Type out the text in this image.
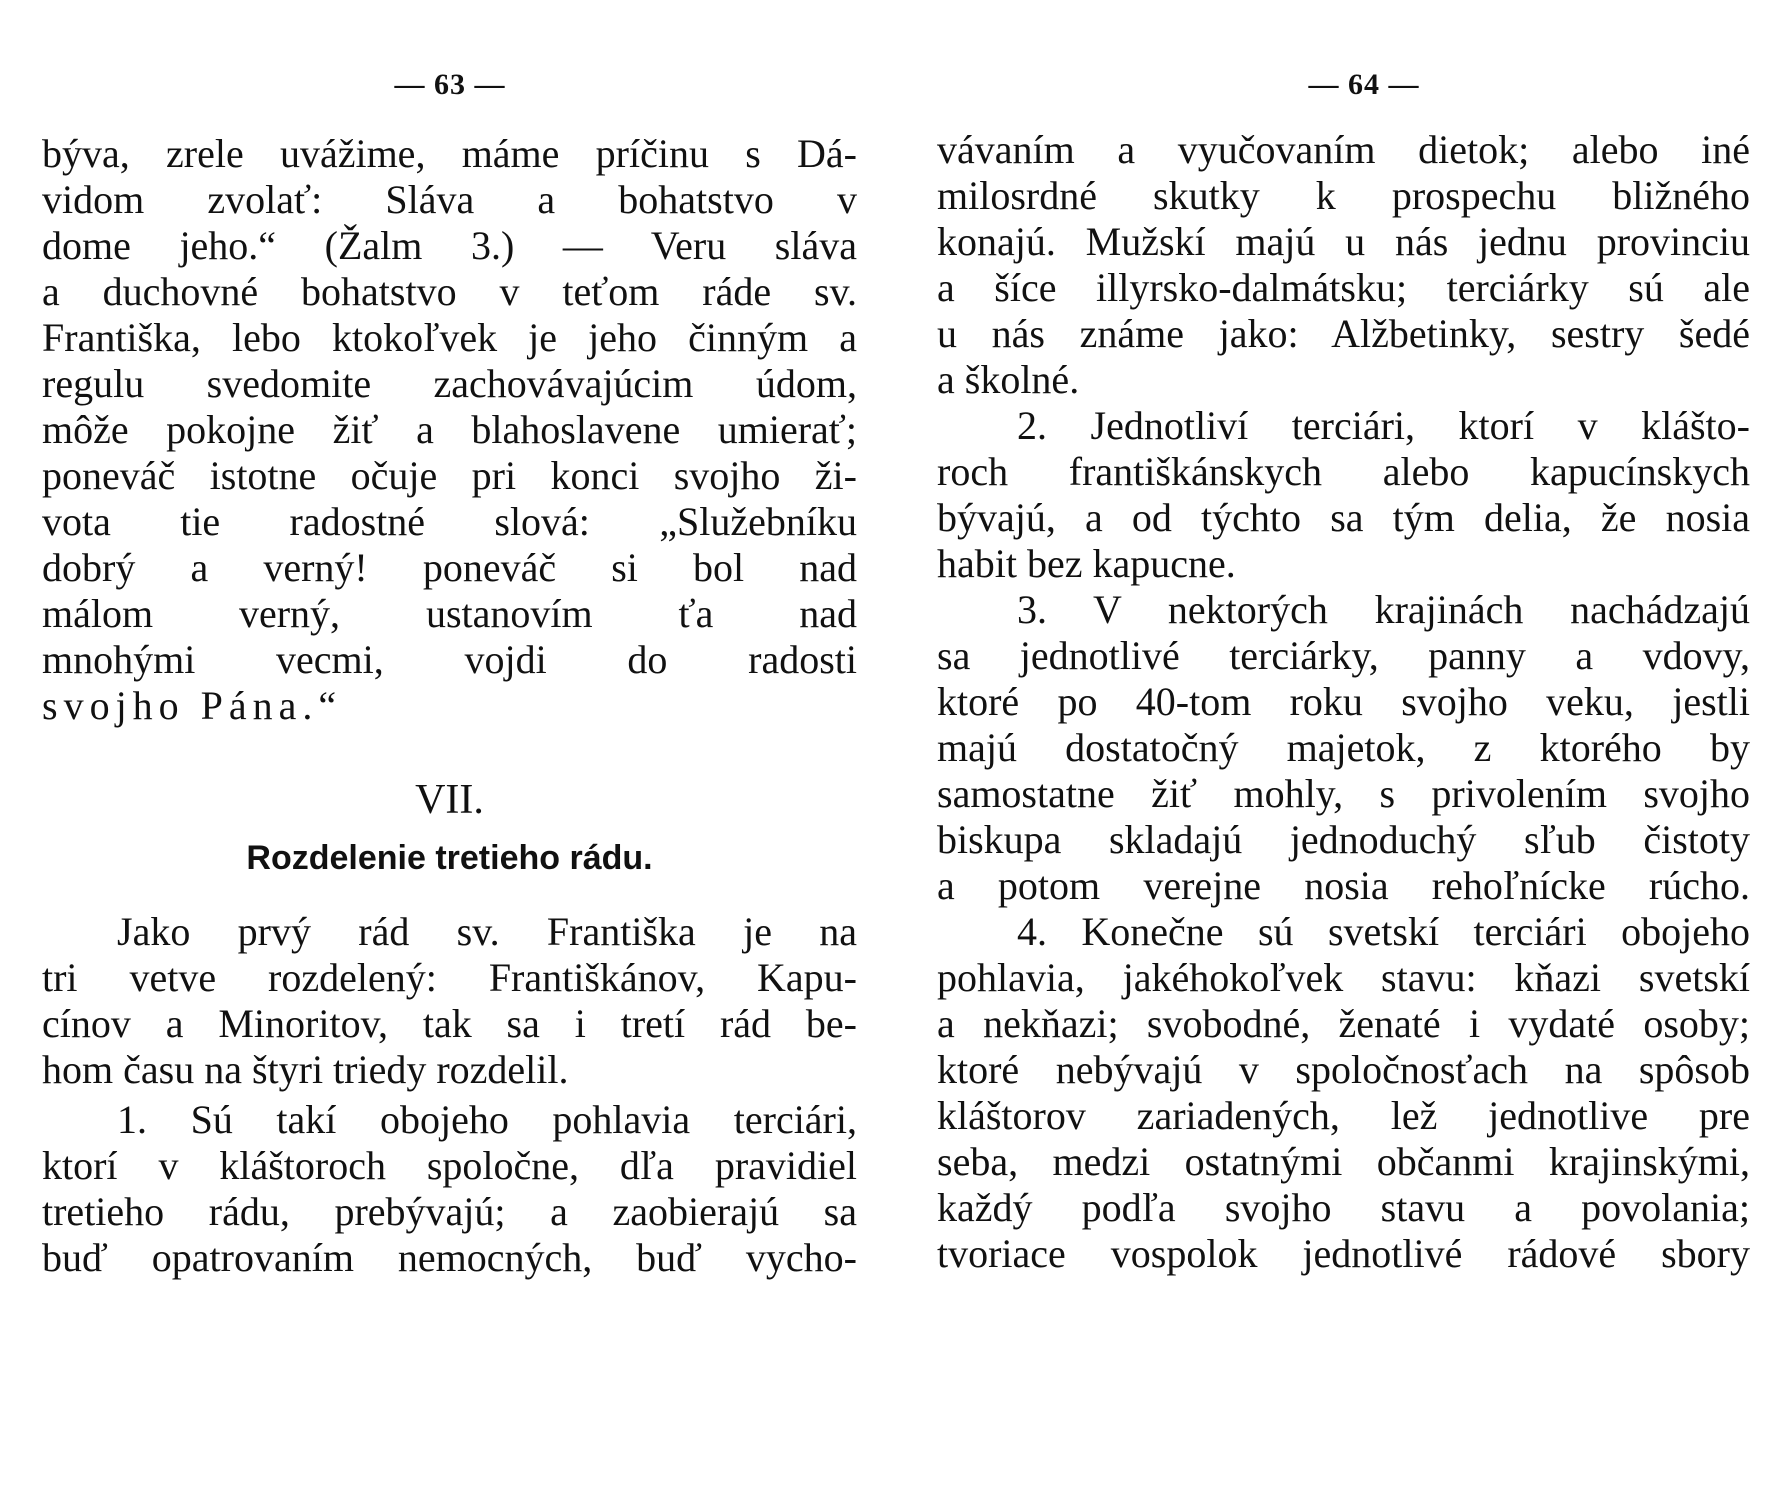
— 63 —
býva, zrele uvážime, máme príčinu s Dá-
vidom zvolať: Sláva a bohatstvo v
dome jeho.“ (Žalm 3.) — Veru sláva
a duchovné bohatstvo v teťom ráde sv.
Františka, lebo ktokoľvek je jeho činným a
regulu svedomite zachovávajúcim údom,
môže pokojne žiť a blahoslavene umierať;
poneváč istotne očuje pri konci svojho ži-
vota tie radostné slová: „Služebníku
dobrý a verný! poneváč si bol nad
málom verný, ustanovím ťa nad
mnohými vecmi, vojdi do radosti
svojho Pána.“
VII.
Rozdelenie tretieho rádu.
Jako prvý rád sv. Františka je na
tri vetve rozdelený: Františkánov, Kapu-
cínov a Minoritov, tak sa i tretí rád be-
hom času na štyri triedy rozdelil.
1. Sú takí obojeho pohlavia terciári,
ktorí v kláštoroch spoločne, dľa pravidiel
tretieho rádu, prebývajú; a zaobierajú sa
buď opatrovaním nemocných, buď vycho-
— 64 —
vávaním a vyučovaním dietok; alebo iné
milosrdné skutky k prospechu bližného
konajú. Mužskí majú u nás jednu provinciu
a šíce illyrsko-dalmátsku; terciárky sú ale
u nás známe jako: Alžbetinky, sestry šedé
a školné.
2. Jednotliví terciári, ktorí v klášto-
roch františkánskych alebo kapucínskych
bývajú, a od týchto sa tým delia, že nosia
habit bez kapucne.
3. V nektorých krajinách nachádzajú
sa jednotlivé terciárky, panny a vdovy,
ktoré po 40-tom roku svojho veku, jestli
majú dostatočný majetok, z ktorého by
samostatne žiť mohly, s privolením svojho
biskupa skladajú jednoduchý sľub čistoty
a potom verejne nosia rehoľnícke rúcho.
4. Konečne sú svetskí terciári obojeho
pohlavia, jakéhokoľvek stavu: kňazi svetskí
a nekňazi; svobodné, ženaté i vydaté osoby;
ktoré nebývajú v spoločnosťach na spôsob
kláštorov zariadených, lež jednotlive pre
seba, medzi ostatnými občanmi krajinskými,
každý podľa svojho stavu a povolania;
tvoriace vospolok jednotlivé rádové sbory
